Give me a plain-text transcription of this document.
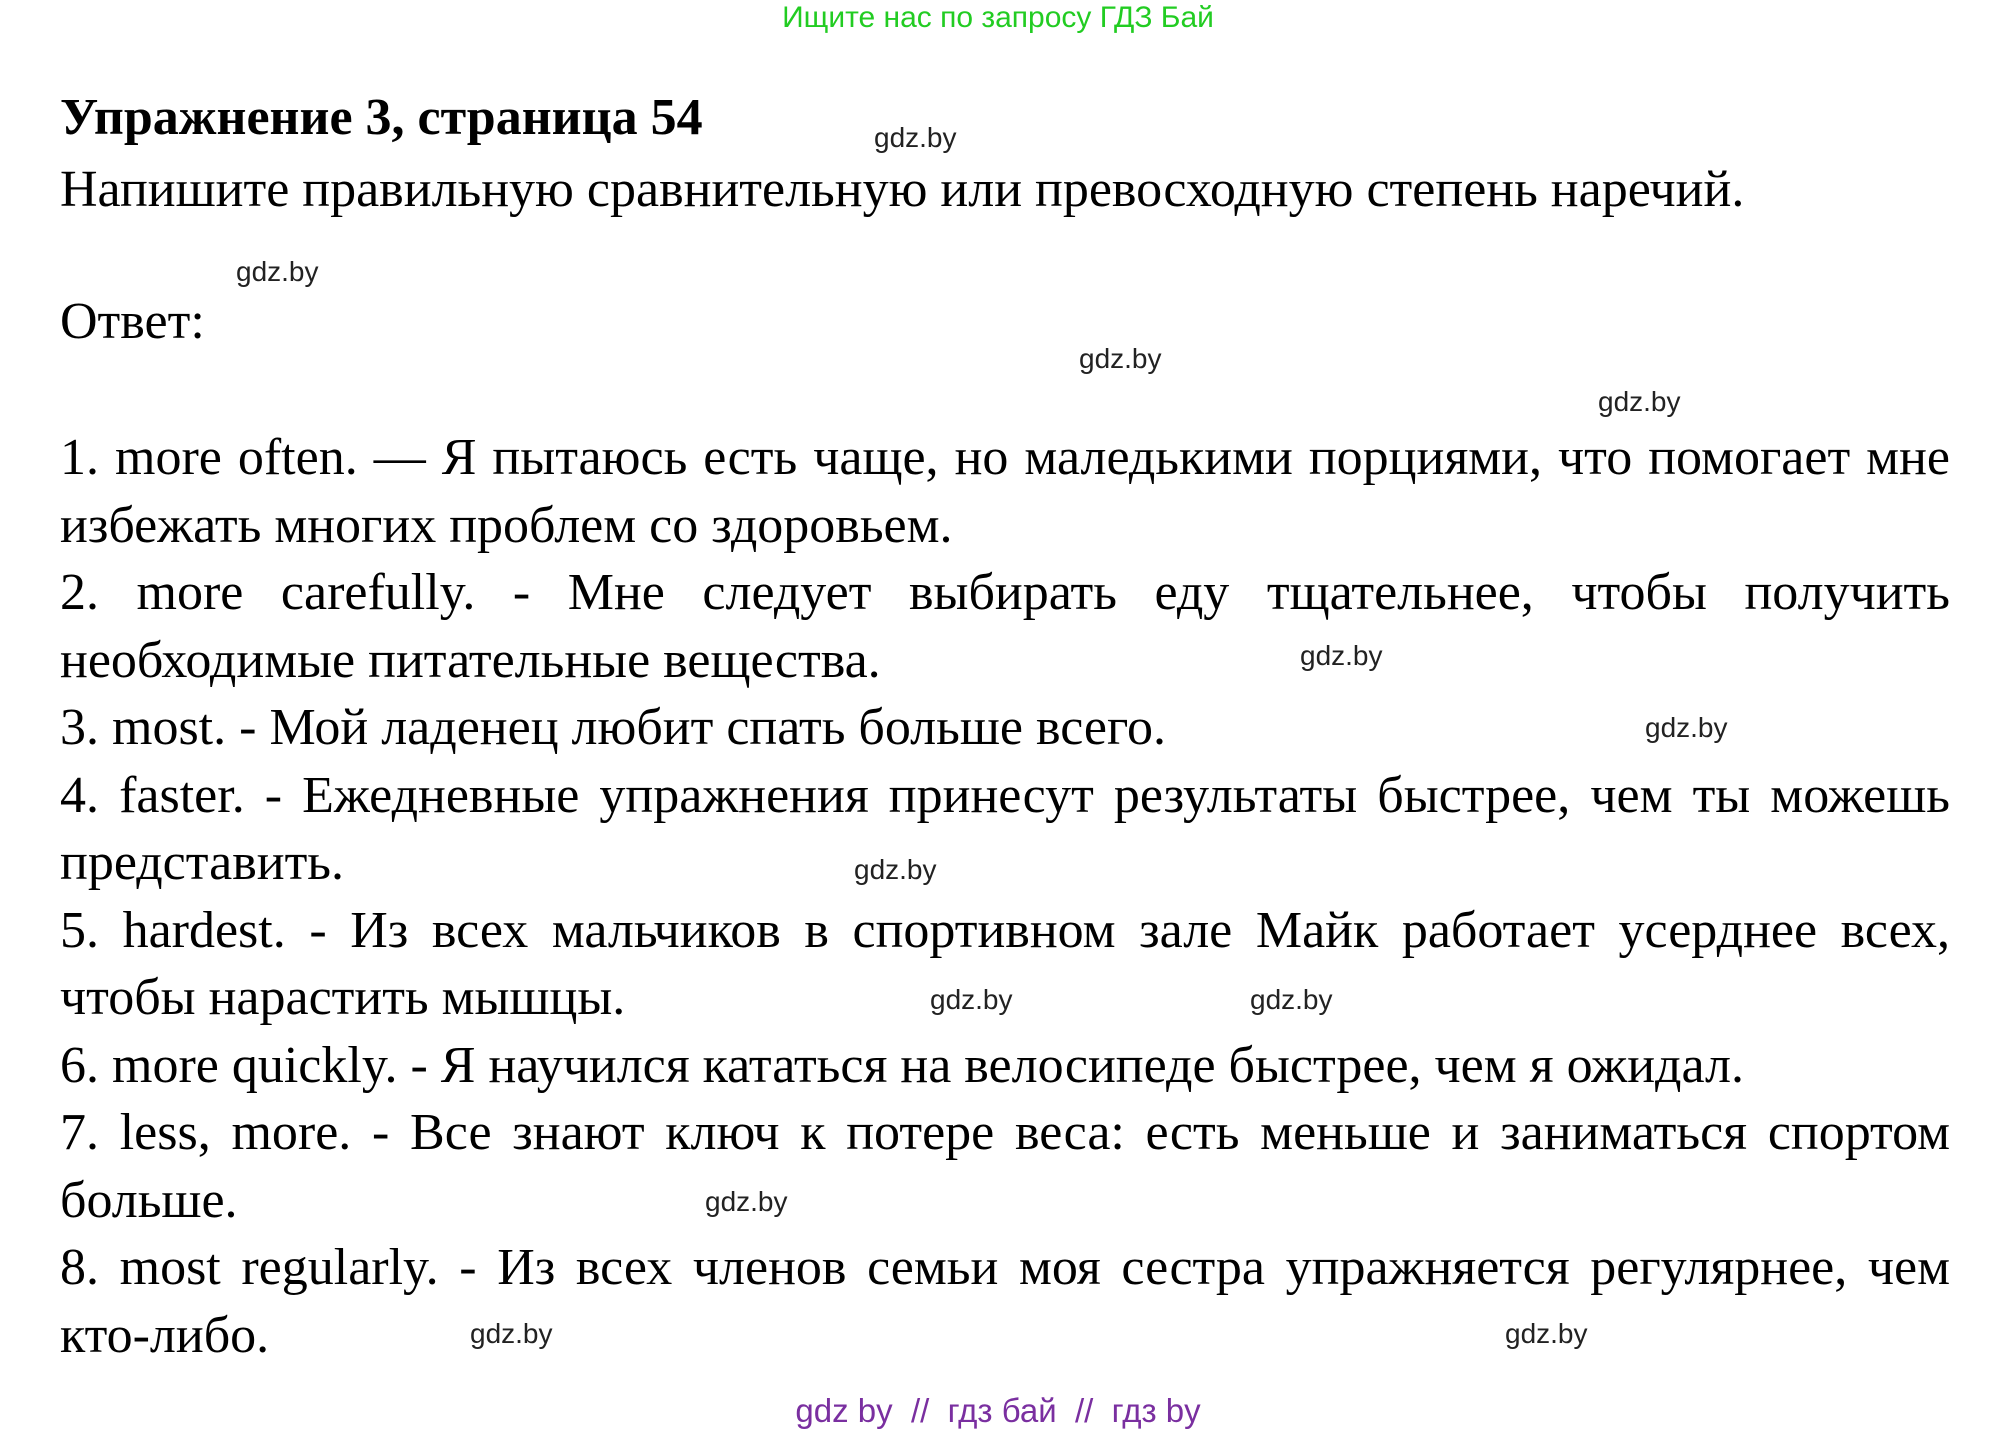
Ищите нас по запросу ГДЗ Бай
Упражнение 3, страница 54
Напишите правильную сравнительную или превосходную степень наречий.
Ответ:

1. more often. — Я пытаюсь есть чаще, но маледькими порциями, что помогает мне избежать многих проблем со здоровьем.

2. more carefully. - Мне следует выбирать еду тщательнее, чтобы получить необходимые питательные вещества.

3. most. - Мой ладенец любит спать больше всего.

4. faster. - Ежедневные упражнения принесут результаты быстрее, чем ты можешь представить.

5. hardest. - Из всех мальчиков в спортивном зале Майк работает усерднее всех, чтобы нарастить мышцы.

6. more quickly. - Я научился кататься на велосипеде быстрее, чем я ожидал.

7. less, more. - Все знают ключ к потере веса: есть меньше и заниматься спортом больше.

8. most regularly. - Из всех членов семьи моя сестра упражняется регулярнее, чем кто-либо.

gdz.by
gdz.by
gdz.by
gdz.by
gdz.by
gdz.by
gdz.by
gdz.by	gdz.by
gdz.by
gdz.by	gdz.by
gdz by  //  гдз бай  //  гдз by
